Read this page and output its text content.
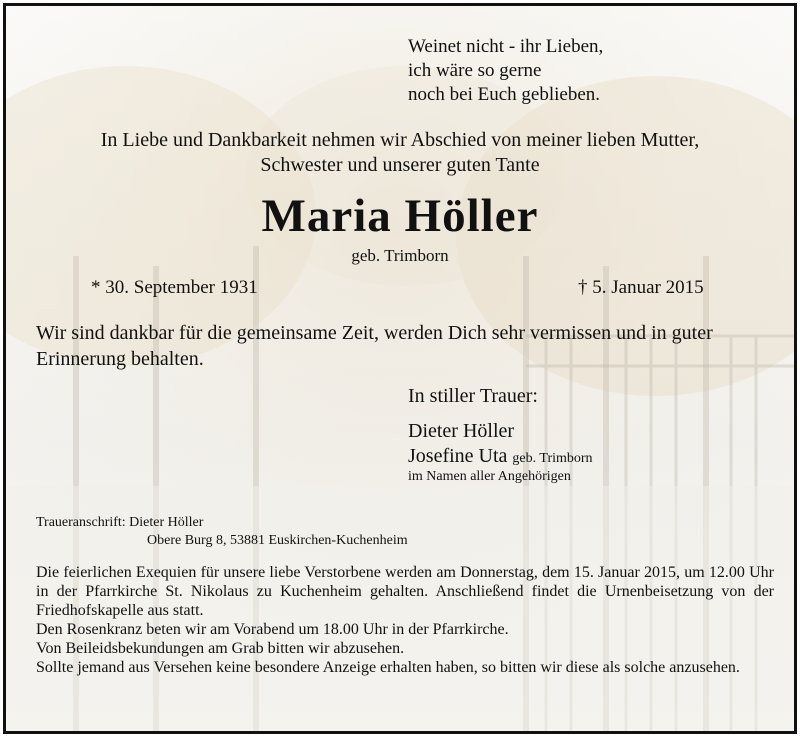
Weinet nicht - ihr Lieben,
ich wäre so gerne
noch bei Euch geblieben.
In Liebe und Dankbarkeit nehmen wir Abschied von meiner lieben Mutter,
Schwester und unserer guten Tante
Maria Höller
geb. Trimborn
* 30. September 1931	† 5. Januar 2015
Wir sind dankbar für die gemeinsame Zeit, werden Dich sehr vermissen und in guter Erinnerung behalten.
In stiller Trauer:
Dieter Höller
Josefine Uta geb. Trimborn
im Namen aller Angehörigen
Traueranschrift: Dieter Höller
Obere Burg 8, 53881 Euskirchen-Kuchenheim

Die feierlichen Exequien für unsere liebe Verstorbene werden am Donnerstag, dem 15. Januar 2015, um 12.00 Uhr in der Pfarrkirche St. Nikolaus zu Kuchenheim gehalten. Anschließend findet die Urnenbeisetzung von der Friedhofskapelle aus statt.

Den Rosenkranz beten wir am Vorabend um 18.00 Uhr in der Pfarrkirche.

Von Beileidsbekundungen am Grab bitten wir abzusehen.

Sollte jemand aus Versehen keine besondere Anzeige erhalten haben, so bitten wir diese als solche anzusehen.
